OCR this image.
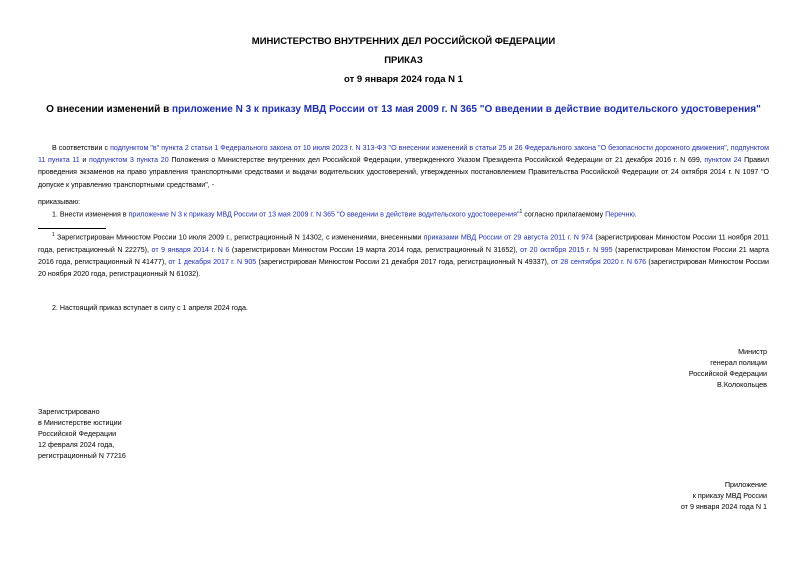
МИНИСТЕРСТВО ВНУТРЕННИХ ДЕЛ РОССИЙСКОЙ ФЕДЕРАЦИИ
ПРИКАЗ
от 9 января 2024 года N 1
О внесении изменений в приложение N 3 к приказу МВД России от 13 мая 2009 г. N 365 "О введении в действие водительского удостоверения"
В соответствии с подпунктом "в" пункта 2 статьи 1 Федерального закона от 10 июля 2023 г. N 313-ФЗ "О внесении изменений в статьи 25 и 26 Федерального закона "О безопасности дорожного движения", подпунктом 11 пункта 11 и подпунктом 3 пункта 20 Положения о Министерстве внутренних дел Российской Федерации, утвержденного Указом Президента Российской Федерации от 21 декабря 2016 г. N 699, пунктом 24 Правил проведения экзаменов на право управления транспортными средствами и выдачи водительских удостоверений, утвержденных постановлением Правительства Российской Федерации от 24 октября 2014 г. N 1097 "О допуске к управлению транспортными средствами", -
приказываю:
1. Внести изменения в приложение N 3 к приказу МВД России от 13 мая 2009 г. N 365 "О введении в действие водительского удостоверения"$^1$ согласно прилагаемому Перечню.
$^1$ Зарегистрирован Минюстом России 10 июля 2009 г., регистрационный N 14302, с изменениями, внесенными приказами МВД России от 29 августа 2011 г. N 974 (зарегистрирован Минюстом России 11 ноября 2011 года, регистрационный N 22275), от 9 января 2014 г. N 6 (зарегистрирован Минюстом России 19 марта 2014 года, регистрационный N 31652), от 20 октября 2015 г. N 995 (зарегистрирован Минюстом России 21 марта 2016 года, регистрационный N 41477), от 1 декабря 2017 г. N 905 (зарегистрирован Минюстом России 21 декабря 2017 года, регистрационный N 49337), от 28 сентября 2020 г. N 676 (зарегистрирован Минюстом России 20 ноября 2020 года, регистрационный N 61032).
2. Настоящий приказ вступает в силу с 1 апреля 2024 года.
Министр
генерал полиции
Российской Федерации
В.Колокольцев
Зарегистрировано
в Министерстве юстиции
Российской Федерации
12 февраля 2024 года,
регистрационный N 77216
Приложение
к приказу МВД России
от 9 января 2024 года N 1
